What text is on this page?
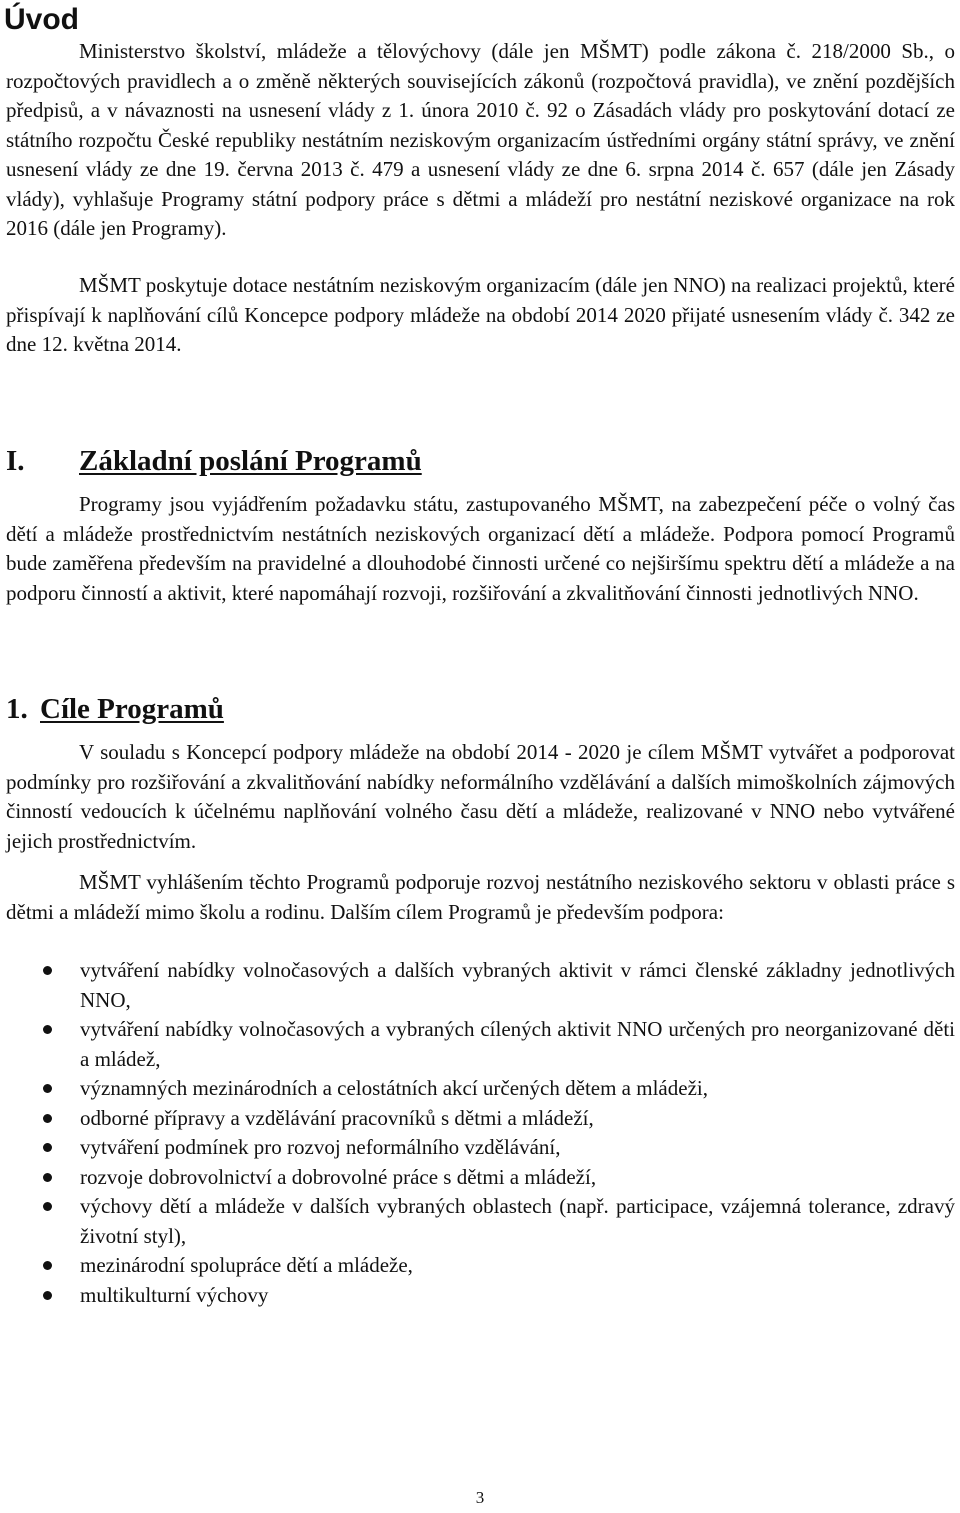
Úvod

Ministerstvo školství, mládeže a tělovýchovy (dále jen MŠMT) podle zákona č. 218/2000 Sb., o rozpočtových pravidlech a o změně některých souvisejících zákonů (rozpočtová pravidla), ve znění pozdějších předpisů, a v návaznosti na usnesení vlády z 1. února 2010 č. 92 o Zásadách vlády pro poskytování dotací ze státního rozpočtu České republiky nestátním neziskovým organizacím ústředními orgány státní správy, ve znění usnesení vlády ze dne 19. června 2013 č. 479 a usnesení vlády ze dne 6. srpna 2014 č. 657 (dále jen Zásady vlády), vyhlašuje Programy státní podpory práce s dětmi a mládeží pro nestátní neziskové organizace na rok 2016 (dále jen Programy).

MŠMT poskytuje dotace nestátním neziskovým organizacím (dále jen NNO) na realizaci projektů, které přispívají k naplňování cílů Koncepce podpory mládeže na období 2014 2020 přijaté usnesením vlády č. 342 ze dne 12. května 2014.

I. Základní poslání Programů

Programy jsou vyjádřením požadavku státu, zastupovaného MŠMT, na zabezpečení péče o volný čas dětí a mládeže prostřednictvím nestátních neziskových organizací dětí a mládeže. Podpora pomocí Programů bude zaměřena především na pravidelné a dlouhodobé činnosti určené co nejširšímu spektru dětí a mládeže a na podporu činností a aktivit, které napomáhají rozvoji, rozšiřování a zkvalitňování činnosti jednotlivých NNO.

1. Cíle Programů

V souladu s Koncepcí podpory mládeže na období 2014 - 2020 je cílem MŠMT vytvářet a podporovat podmínky pro rozšiřování a zkvalitňování nabídky neformálního vzdělávání a dalších mimoškolních zájmových činností vedoucích k účelnému naplňování volného času dětí a mládeže, realizované v NNO nebo vytvářené jejich prostřednictvím.

MŠMT vyhlášením těchto Programů podporuje rozvoj nestátního neziskového sektoru v oblasti práce s dětmi a mládeží mimo školu a rodinu. Dalším cílem Programů je především podpora:

vytváření nabídky volnočasových a dalších vybraných aktivit v rámci členské základny jednotlivých NNO,
vytváření nabídky volnočasových a vybraných cílených aktivit NNO určených pro neorganizované děti a mládež,
významných mezinárodních a celostátních akcí určených dětem a mládeži,
odborné přípravy a vzdělávání pracovníků s dětmi a mládeží,
vytváření podmínek pro rozvoj neformálního vzdělávání,
rozvoje dobrovolnictví a dobrovolné práce s dětmi a mládeží,
výchovy dětí a mládeže v dalších vybraných oblastech (např. participace, vzájemná tolerance, zdravý životní styl),
mezinárodní spolupráce dětí a mládeže,
multikulturní výchovy

3
